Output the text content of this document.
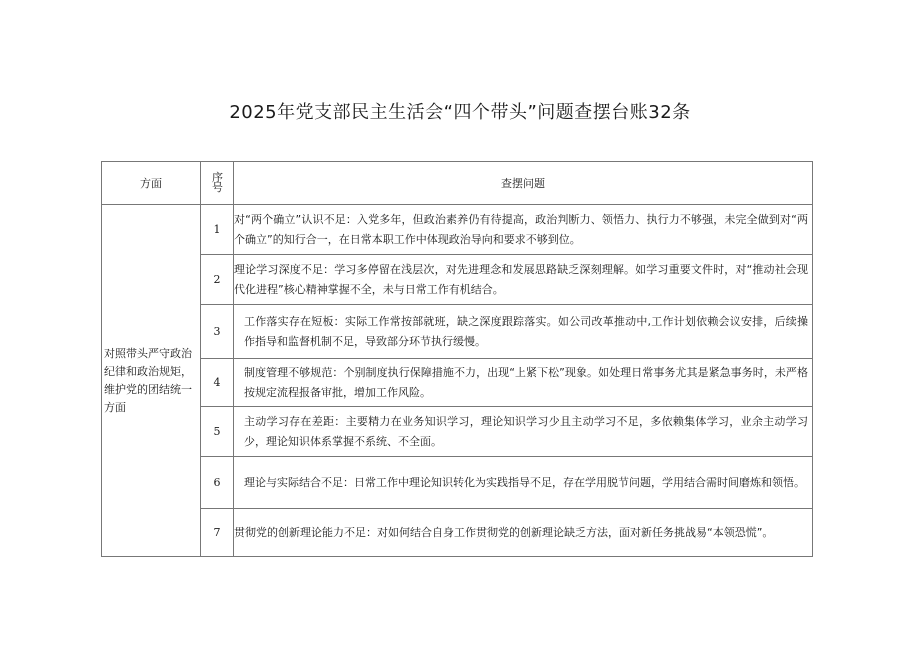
2025年党支部民主生活会“四个带头”问题查摆台账32条
方面	序号	查摆问题
对照带头严守政治纪律和政治规矩，维护党的团结统一方面	1	对“两个确立”认识不足：入党多年，但政治素养仍有待提高，政治判断力、领悟力、执行力不够强，未完全做到对“两个确立”的知行合一，在日常本职工作中体现政治导向和要求不够到位。
	2	理论学习深度不足：学习多停留在浅层次，对先进理念和发展思路缺乏深刻理解。如学习重要文件时，对“推动社会现代化进程”核心精神掌握不全，未与日常工作有机结合。
	3	工作落实存在短板：实际工作常按部就班，缺之深度跟踪落实。如公司改革推动中,工作计划依赖会议安排，后续操作指导和监督机制不足，导致部分环节执行缓慢。
	4	制度管理不够规范：个别制度执行保障措施不力，出现“上紧下松”现象。如处理日常事务尤其是紧急事务时，未严格按规定流程报备审批，增加工作风险。
	5	主动学习存在差距：主要精力在业务知识学习，理论知识学习少且主动学习不足，多依赖集体学习，业余主动学习少，理论知识体系掌握不系统、不全面。
	6	理论与实际结合不足：日常工作中理论知识转化为实践指导不足，存在学用脱节问题，学用结合需时间磨炼和领悟。
	7	贯彻党的创新理论能力不足：对如何结合自身工作贯彻党的创新理论缺乏方法，面对新任务挑战易“本领恐慌”。
